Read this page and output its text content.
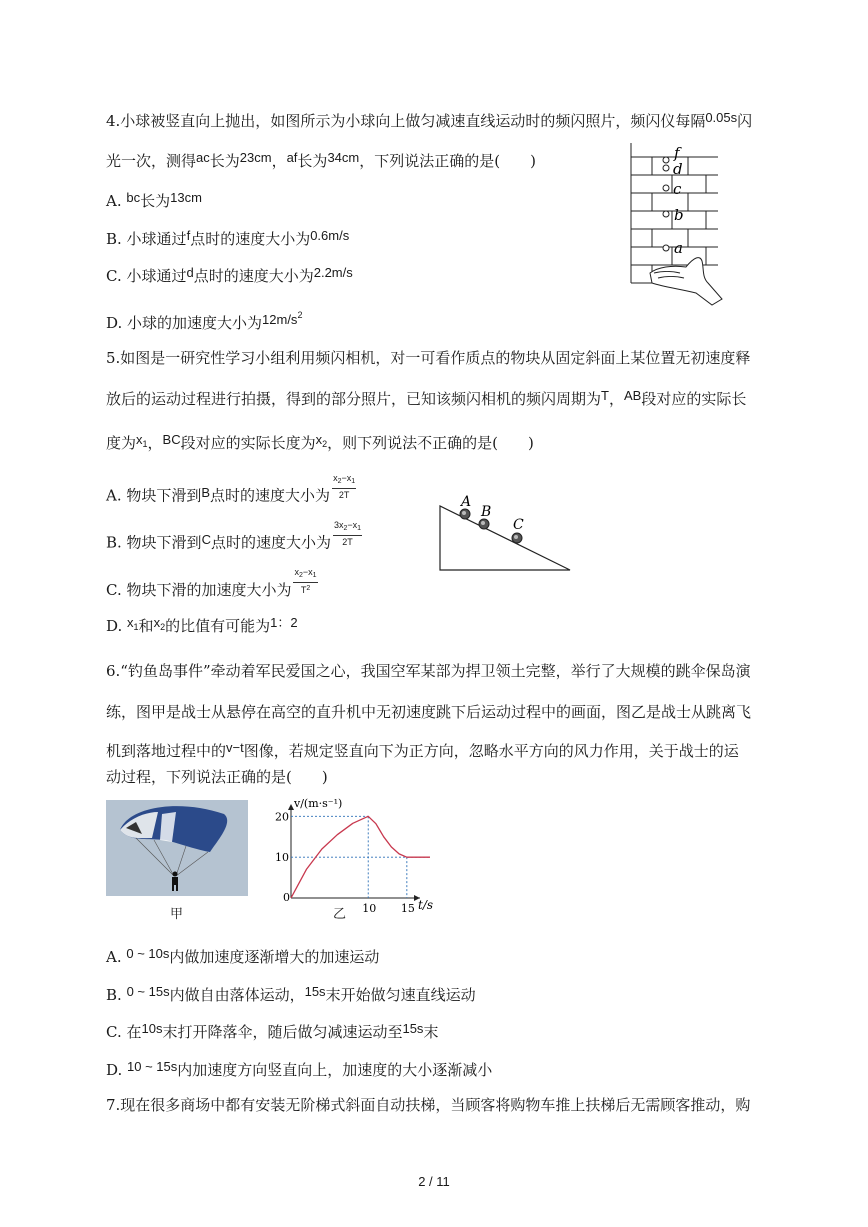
4.小球被竖直向上抛出，如图所示为小球向上做匀减速直线运动时的频闪照片，频闪仪每隔0.05s闪
光一次，测得ac长为23cm，af长为34cm，下列说法正确的是(　　)
A. bc长为13cm
B. 小球通过f点时的速度大小为0.6m/s
C. 小球通过d点时的速度大小为2.2m/s
D. 小球的加速度大小为$12m/s^2$
f
d
c
b
a
5.如图是一研究性学习小组利用频闪相机，对一可看作质点的物块从固定斜面上某位置无初速度释
放后的运动过程进行拍摄，得到的部分照片，已知该频闪相机的频闪周期为T，AB段对应的实际长
度为$x_1$，BC段对应的实际长度为$x_2$，则下列说法不正确的是(　　)
A. 物块下滑到B点时的速度大小为 $\frac{x_2-x_1}{2T}$
B. 物块下滑到C点时的速度大小为 $\frac{3x_2-x_1}{2T}$
C. 物块下滑的加速度大小为 $\frac{x_2-x_1}{T^2}$
D. $x_1$和$x_2$的比值有可能为1：2
A
B
C
6.“钓鱼岛事件”牵动着军民爱国之心，我国空军某部为捍卫领土完整，举行了大规模的跳伞保岛演
练，图甲是战士从悬停在高空的直升机中无初速度跳下后运动过程中的画面，图乙是战士从跳离飞
机到落地过程中的v−t图像，若规定竖直向下为正方向，忽略水平方向的风力作用，关于战士的运
动过程，下列说法正确的是(　　)
甲
v/(m·s⁻¹)
t/s
0
10 15
10
20
乙
A. 0 ~ 10s内做加速度逐渐增大的加速运动
B. 0 ~ 15s内做自由落体运动，15s末开始做匀速直线运动
C. 在10s末打开降落伞，随后做匀减速运动至15s末
D. 10 ~ 15s内加速度方向竖直向上，加速度的大小逐渐减小
7.现在很多商场中都有安装无阶梯式斜面自动扶梯，当顾客将购物车推上扶梯后无需顾客推动，购
2 / 11
